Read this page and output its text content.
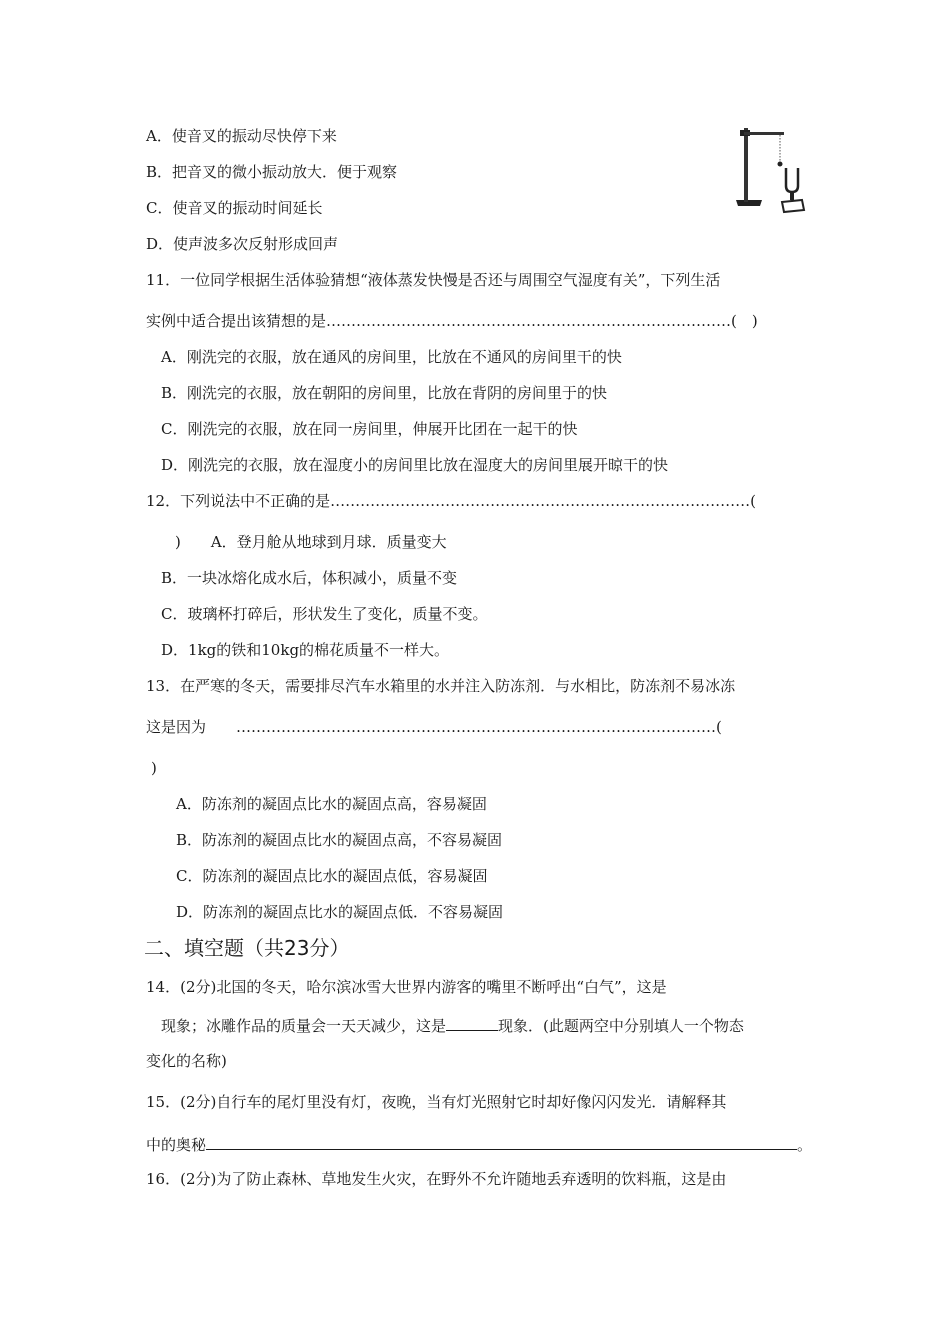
A．使音叉的振动尽快停下来
B．把音叉的微小振动放大．便于观察
C．使音叉的振动时间延长
D．使声波多次反射形成回声
11．一位同学根据生活体验猜想“液体蒸发快慢是否还与周围空气湿度有关”，下列生活
实例中适合提出该猜想的是………………………………………………………………………(　)
A．刚洗完的衣服，放在通风的房间里，比放在不通风的房间里干的快
B．刚洗完的衣服，放在朝阳的房间里，比放在背阴的房间里于的快
C．刚洗完的衣服，放在同一房间里，伸展开比团在一起干的快
D．刚洗完的衣服，放在湿度小的房间里比放在湿度大的房间里展开晾干的快
12．下列说法中不正确的是…………………………………………………………………………(
　)　　A．登月舱从地球到月球．质量变大
B．一块冰熔化成水后，体积减小，质量不变
C．玻璃杯打碎后，形状发生了变化，质量不变。
D．1kg的铁和10kg的棉花质量不一样大。
13．在严寒的冬天，需要排尽汽车水箱里的水并注入防冻剂．与水相比，防冻剂不易冰冻
这是因为　　……………………………………………………………………………………(
)
A．防冻剂的凝固点比水的凝固点高，容易凝固
B．防冻剂的凝固点比水的凝固点高，不容易凝固
C．防冻剂的凝固点比水的凝固点低，容易凝固
D．防冻剂的凝固点比水的凝固点低．不容易凝固
二、填空题（共23分）
14．(2分)北国的冬天，哈尔滨冰雪大世界内游客的嘴里不断呼出“白气”，这是
现象；冰雕作品的质量会一天天减少，这是	现象．(此题两空中分别填人一个物态
变化的名称)
15．(2分)自行车的尾灯里没有灯，夜晚，当有灯光照射它时却好像闪闪发光．请解释其
中的奥秘	。
16．(2分)为了防止森林、草地发生火灾，在野外不允许随地丢弃透明的饮料瓶，这是由
